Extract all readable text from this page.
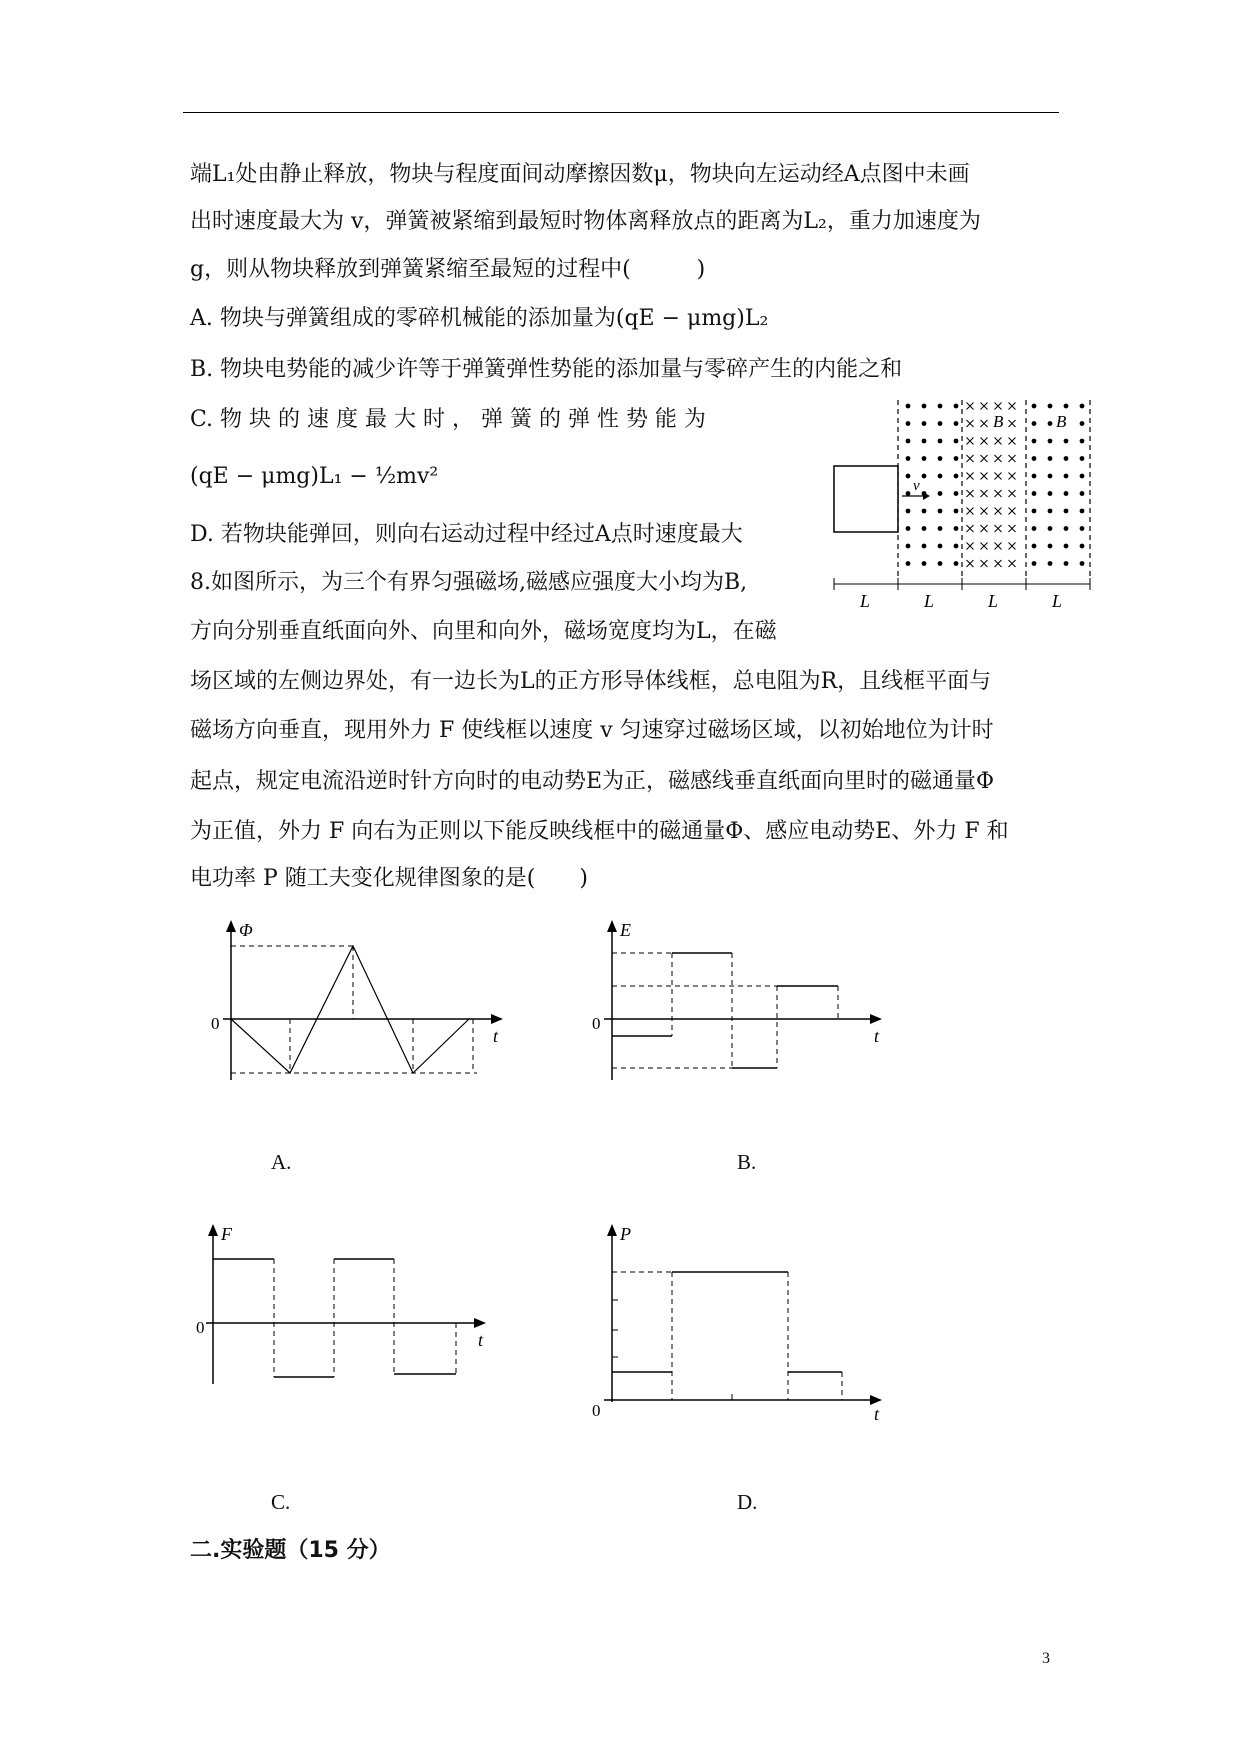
端L₁处由静止释放，物块与程度面间动摩擦因数μ，物块向左运动经A点图中未画
出时速度最大为 v，弹簧被紧缩到最短时物体离释放点的距离为L₂，重力加速度为
g，则从物块释放到弹簧紧缩至最短的过程中(　　　)
A. 物块与弹簧组成的零碎机械能的添加量为(qE − μmg)L₂
B. 物块电势能的减少许等于弹簧弹性势能的添加量与零碎产生的内能之和
C. 物 块 的 速 度 最 大 时 ， 弹 簧 的 弹 性 势 能 为
(qE − μmg)L₁ − ½mv²
D. 若物块能弹回，则向右运动过程中经过A点时速度最大
8.如图所示，为三个有界匀强磁场,磁感应强度大小均为B,
方向分别垂直纸面向外、向里和向外，磁场宽度均为L，在磁
场区域的左侧边界处，有一边长为L的正方形导体线框，总电阻为R，且线框平面与
磁场方向垂直，现用外力 F 使线框以速度 v 匀速穿过磁场区域，以初始地位为计时
起点，规定电流沿逆时针方向时的电动势E为正，磁感线垂直纸面向里时的磁通量Φ
为正值，外力 F 向右为正则以下能反映线框中的磁通量Φ、感应电动势E、外力 F 和
电功率 P 随工夫变化规律图象的是(　　)
v
B	B
L	L	L	L
Φ
t
0
E
t
0
A.	B.
F
t
0
P
t
0
C.	D.
二.实验题（15 分）
3
